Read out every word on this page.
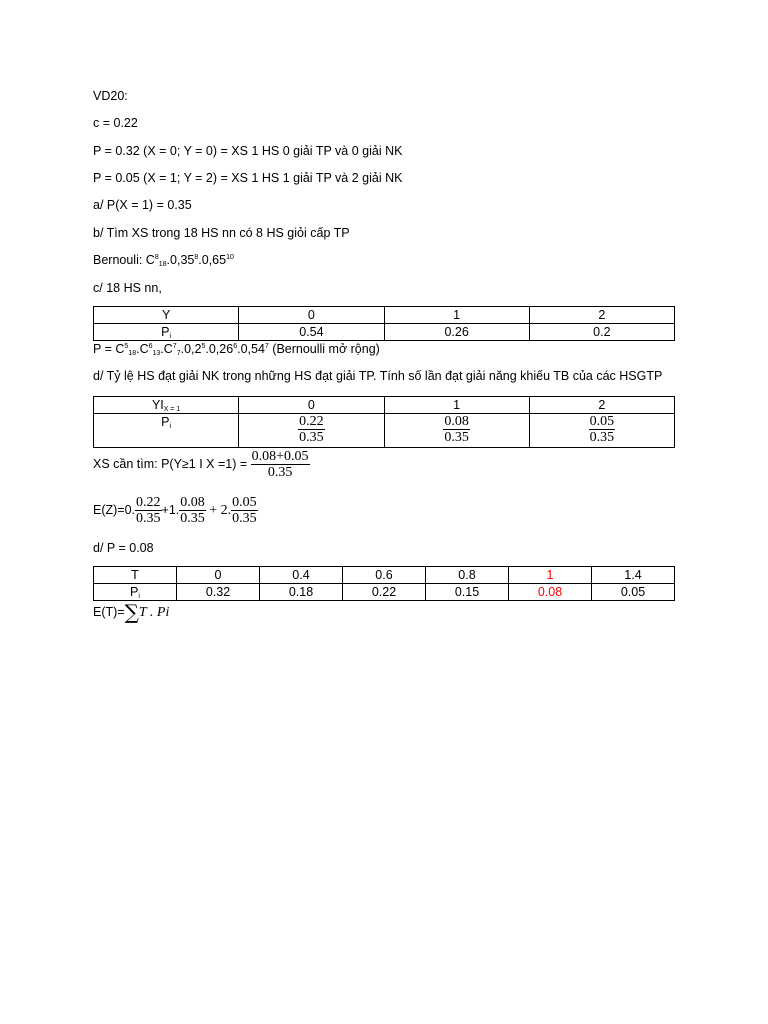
VD20:
c = 0.22
P = 0.32 (X = 0; Y = 0) = XS 1 HS 0 giải TP và 0 giải NK
P = 0.05 (X = 1; Y = 2) = XS 1 HS 1 giải TP và 2 giải NK
a/ P(X = 1) = 0.35
b/ Tìm XS trong 18 HS nn có 8 HS giỏi cấp TP
Bernouli: $C^8_{18}.0,35^8.0,65^{10}$
c/ 18 HS nn,
Y	0	1	2
$P_i$	0.54	0.26	0.2
$P = C^5_{18}.C^6_{13}.C^7_7.0,2^5.0,26^6.0,54^7$ (Bernoulli mở rộng)
d/ Tỷ lệ HS đạt giải NK trong những HS đạt giải TP. Tính số lần đạt giải năng khiếu TB của các HSGTP
$YI_{X = 1}$	0	1	2
$P_i$	$\frac{0.22}{0.35}$	$\frac{0.08}{0.35}$	$\frac{0.05}{0.35}$
XS cần tìm: P(Y≥1 I $X =1) = \frac{0.08+0.05}{0.35}$
E(Z)=0. $\frac{0.22}{0.35} +1$. $\frac{0.08}{0.35} + 2$. $\frac{0.05}{0.35}$
d/ P = 0.08
T	0	0.4	0.6	0.8	1	1.4
$P_i$	0.32	0.18	0.22	0.15	0.08	0.05
E(T)=∑T . Pi
